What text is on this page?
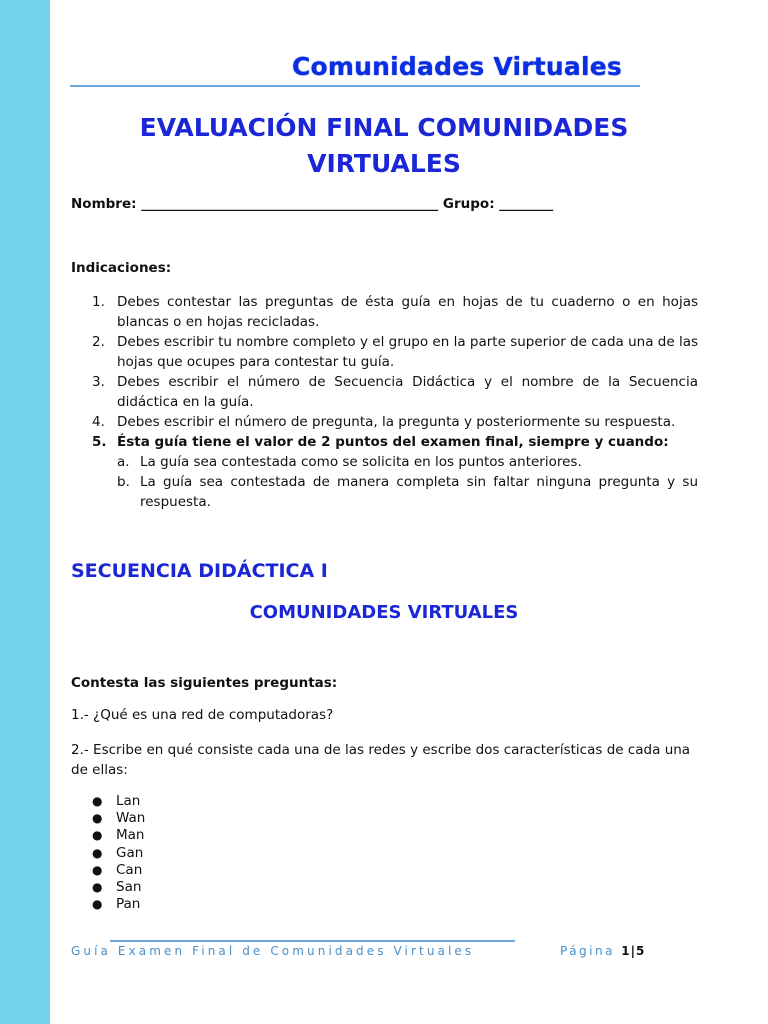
Comunidades Virtuales
EVALUACIÓN FINAL COMUNIDADES
VIRTUALES
Nombre: ____________________________________________ Grupo: ________
Indicaciones:
1. Debes contestar las preguntas de ésta guía en hojas de tu cuaderno o en hojas blancas o en hojas recicladas.
2. Debes escribir tu nombre completo y el grupo en la parte superior de cada una de las hojas que ocupes para contestar tu guía.
3. Debes escribir el número de Secuencia Didáctica y el nombre de la Secuencia didáctica en la guía.
4. Debes escribir el número de pregunta, la pregunta y posteriormente su respuesta.
5. Ésta guía tiene el valor de 2 puntos del examen final, siempre y cuando:
a. La guía sea contestada como se solicita en los puntos anteriores.
b. La guía sea contestada de manera completa sin faltar ninguna pregunta y su respuesta.
SECUENCIA DIDÁCTICA I
COMUNIDADES VIRTUALES
Contesta las siguientes preguntas:
1.- ¿Qué es una red de computadoras?
2.- Escribe en qué consiste cada una de las redes y escribe dos características de cada una de ellas:
●	Lan
●	Wan
●	Man
●	Gan
●	Can
●	San
●	Pan
Guía Examen Final de Comunidades Virtuales	Página 1|5
